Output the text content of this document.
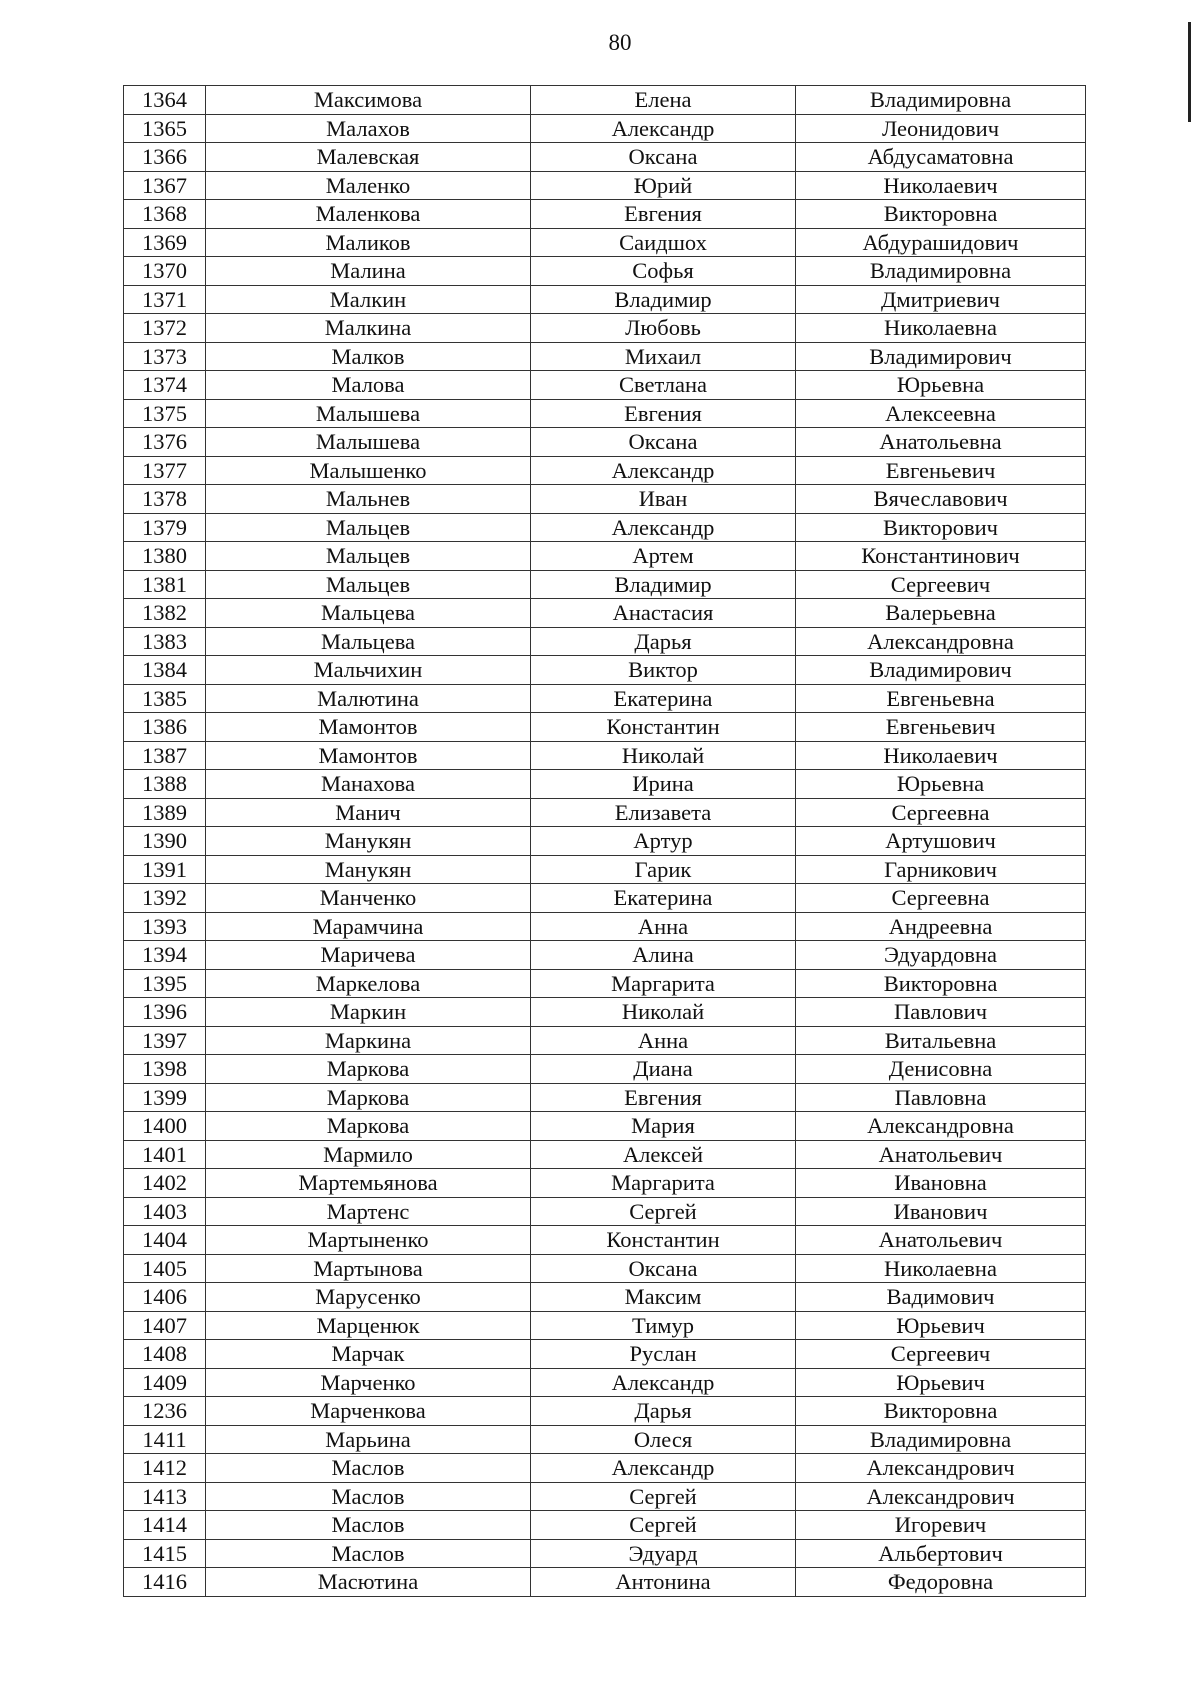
80
1364	Максимова	Елена	Владимировна
1365	Малахов	Александр	Леонидович
1366	Малевская	Оксана	Абдусаматовна
1367	Маленко	Юрий	Николаевич
1368	Маленкова	Евгения	Викторовна
1369	Маликов	Саидшох	Абдурашидович
1370	Малина	Софья	Владимировна
1371	Малкин	Владимир	Дмитриевич
1372	Малкина	Любовь	Николаевна
1373	Малков	Михаил	Владимирович
1374	Малова	Светлана	Юрьевна
1375	Малышева	Евгения	Алексеевна
1376	Малышева	Оксана	Анатольевна
1377	Малышенко	Александр	Евгеньевич
1378	Мальнев	Иван	Вячеславович
1379	Мальцев	Александр	Викторович
1380	Мальцев	Артем	Константинович
1381	Мальцев	Владимир	Сергеевич
1382	Мальцева	Анастасия	Валерьевна
1383	Мальцева	Дарья	Александровна
1384	Мальчихин	Виктор	Владимирович
1385	Малютина	Екатерина	Евгеньевна
1386	Мамонтов	Константин	Евгеньевич
1387	Мамонтов	Николай	Николаевич
1388	Манахова	Ирина	Юрьевна
1389	Манич	Елизавета	Сергеевна
1390	Манукян	Артур	Артушович
1391	Манукян	Гарик	Гарникович
1392	Манченко	Екатерина	Сергеевна
1393	Марамчина	Анна	Андреевна
1394	Маричева	Алина	Эдуардовна
1395	Маркелова	Маргарита	Викторовна
1396	Маркин	Николай	Павлович
1397	Маркина	Анна	Витальевна
1398	Маркова	Диана	Денисовна
1399	Маркова	Евгения	Павловна
1400	Маркова	Мария	Александровна
1401	Мармило	Алексей	Анатольевич
1402	Мартемьянова	Маргарита	Ивановна
1403	Мартенс	Сергей	Иванович
1404	Мартыненко	Константин	Анатольевич
1405	Мартынова	Оксана	Николаевна
1406	Марусенко	Максим	Вадимович
1407	Марценюк	Тимур	Юрьевич
1408	Марчак	Руслан	Сергеевич
1409	Марченко	Александр	Юрьевич
1236	Марченкова	Дарья	Викторовна
1411	Марьина	Олеся	Владимировна
1412	Маслов	Александр	Александрович
1413	Маслов	Сергей	Александрович
1414	Маслов	Сергей	Игоревич
1415	Маслов	Эдуард	Альбертович
1416	Масютина	Антонина	Федоровна
